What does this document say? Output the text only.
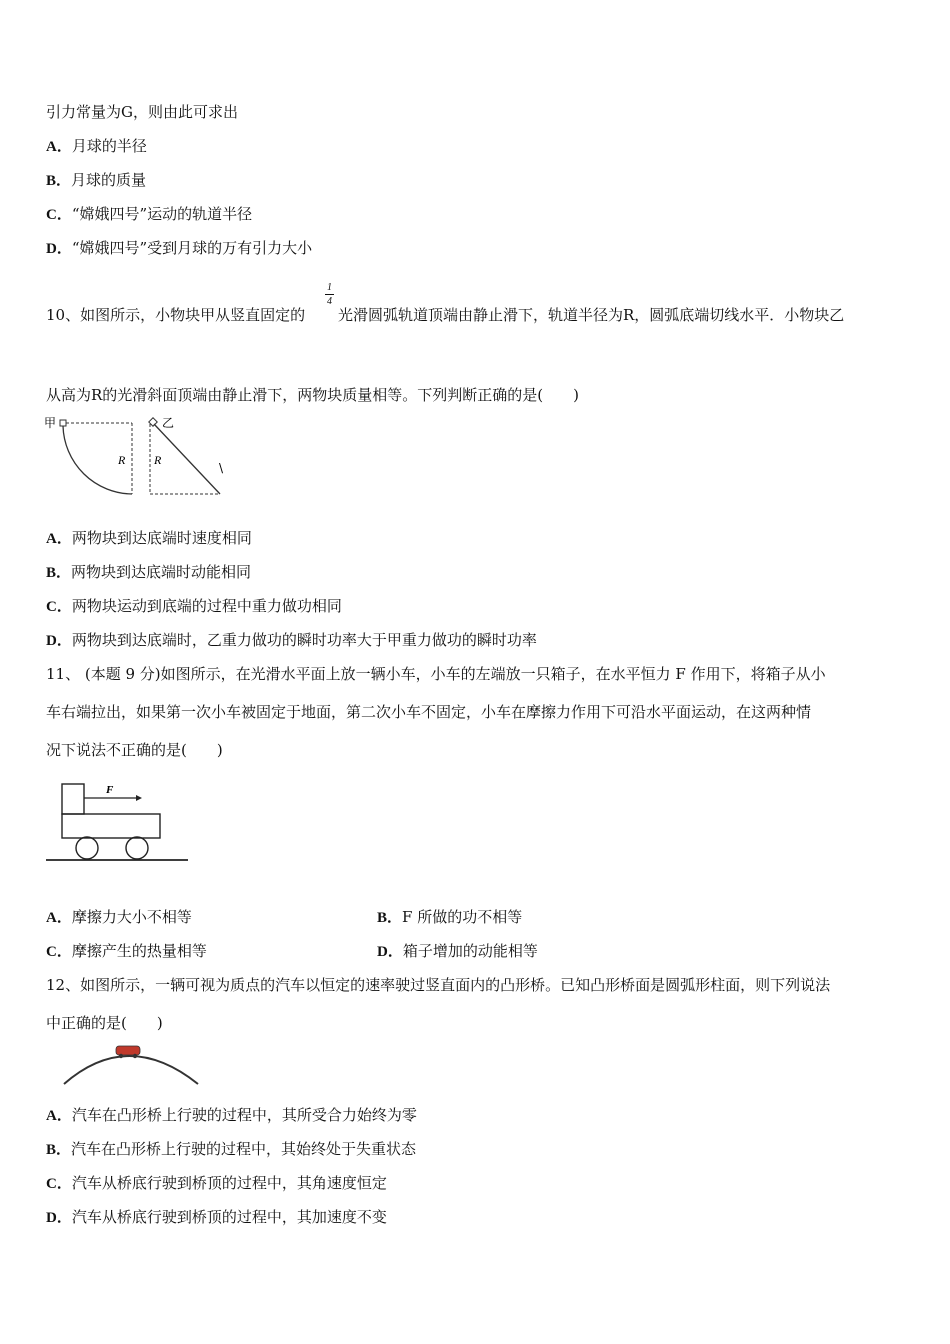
引力常量为G，则由此可求出
A．月球的半径
B．月球的质量
C．“嫦娥四号”运动的轨道半径
D．“嫦娥四号”受到月球的万有引力大小
10、如图所示，小物块甲从竖直固定的
1
4
光滑圆弧轨道顶端由静止滑下，轨道半径为R，圆弧底端切线水平．小物块乙
从高为R的光滑斜面顶端由静止滑下，两物块质量相等。下列判断正确的是(　　)
甲
R
乙
R
\
A．两物块到达底端时速度相同
B．两物块到达底端时动能相同
C．两物块运动到底端的过程中重力做功相同
D．两物块到达底端时，乙重力做功的瞬时功率大于甲重力做功的瞬时功率
11、 (本题 9 分)如图所示，在光滑水平面上放一辆小车，小车的左端放一只箱子，在水平恒力 F 作用下，将箱子从小
车右端拉出，如果第一次小车被固定于地面，第二次小车不固定，小车在摩擦力作用下可沿水平面运动，在这两种情
况下说法不正确的是(　　)
F
A．摩擦力大小不相等	B．F 所做的功不相等
C．摩擦产生的热量相等	D．箱子增加的动能相等
12、如图所示，一辆可视为质点的汽车以恒定的速率驶过竖直面内的凸形桥。已知凸形桥面是圆弧形柱面，则下列说法
中正确的是(　　)
A．汽车在凸形桥上行驶的过程中，其所受合力始终为零
B．汽车在凸形桥上行驶的过程中，其始终处于失重状态
C．汽车从桥底行驶到桥顶的过程中，其角速度恒定
D．汽车从桥底行驶到桥顶的过程中，其加速度不变
